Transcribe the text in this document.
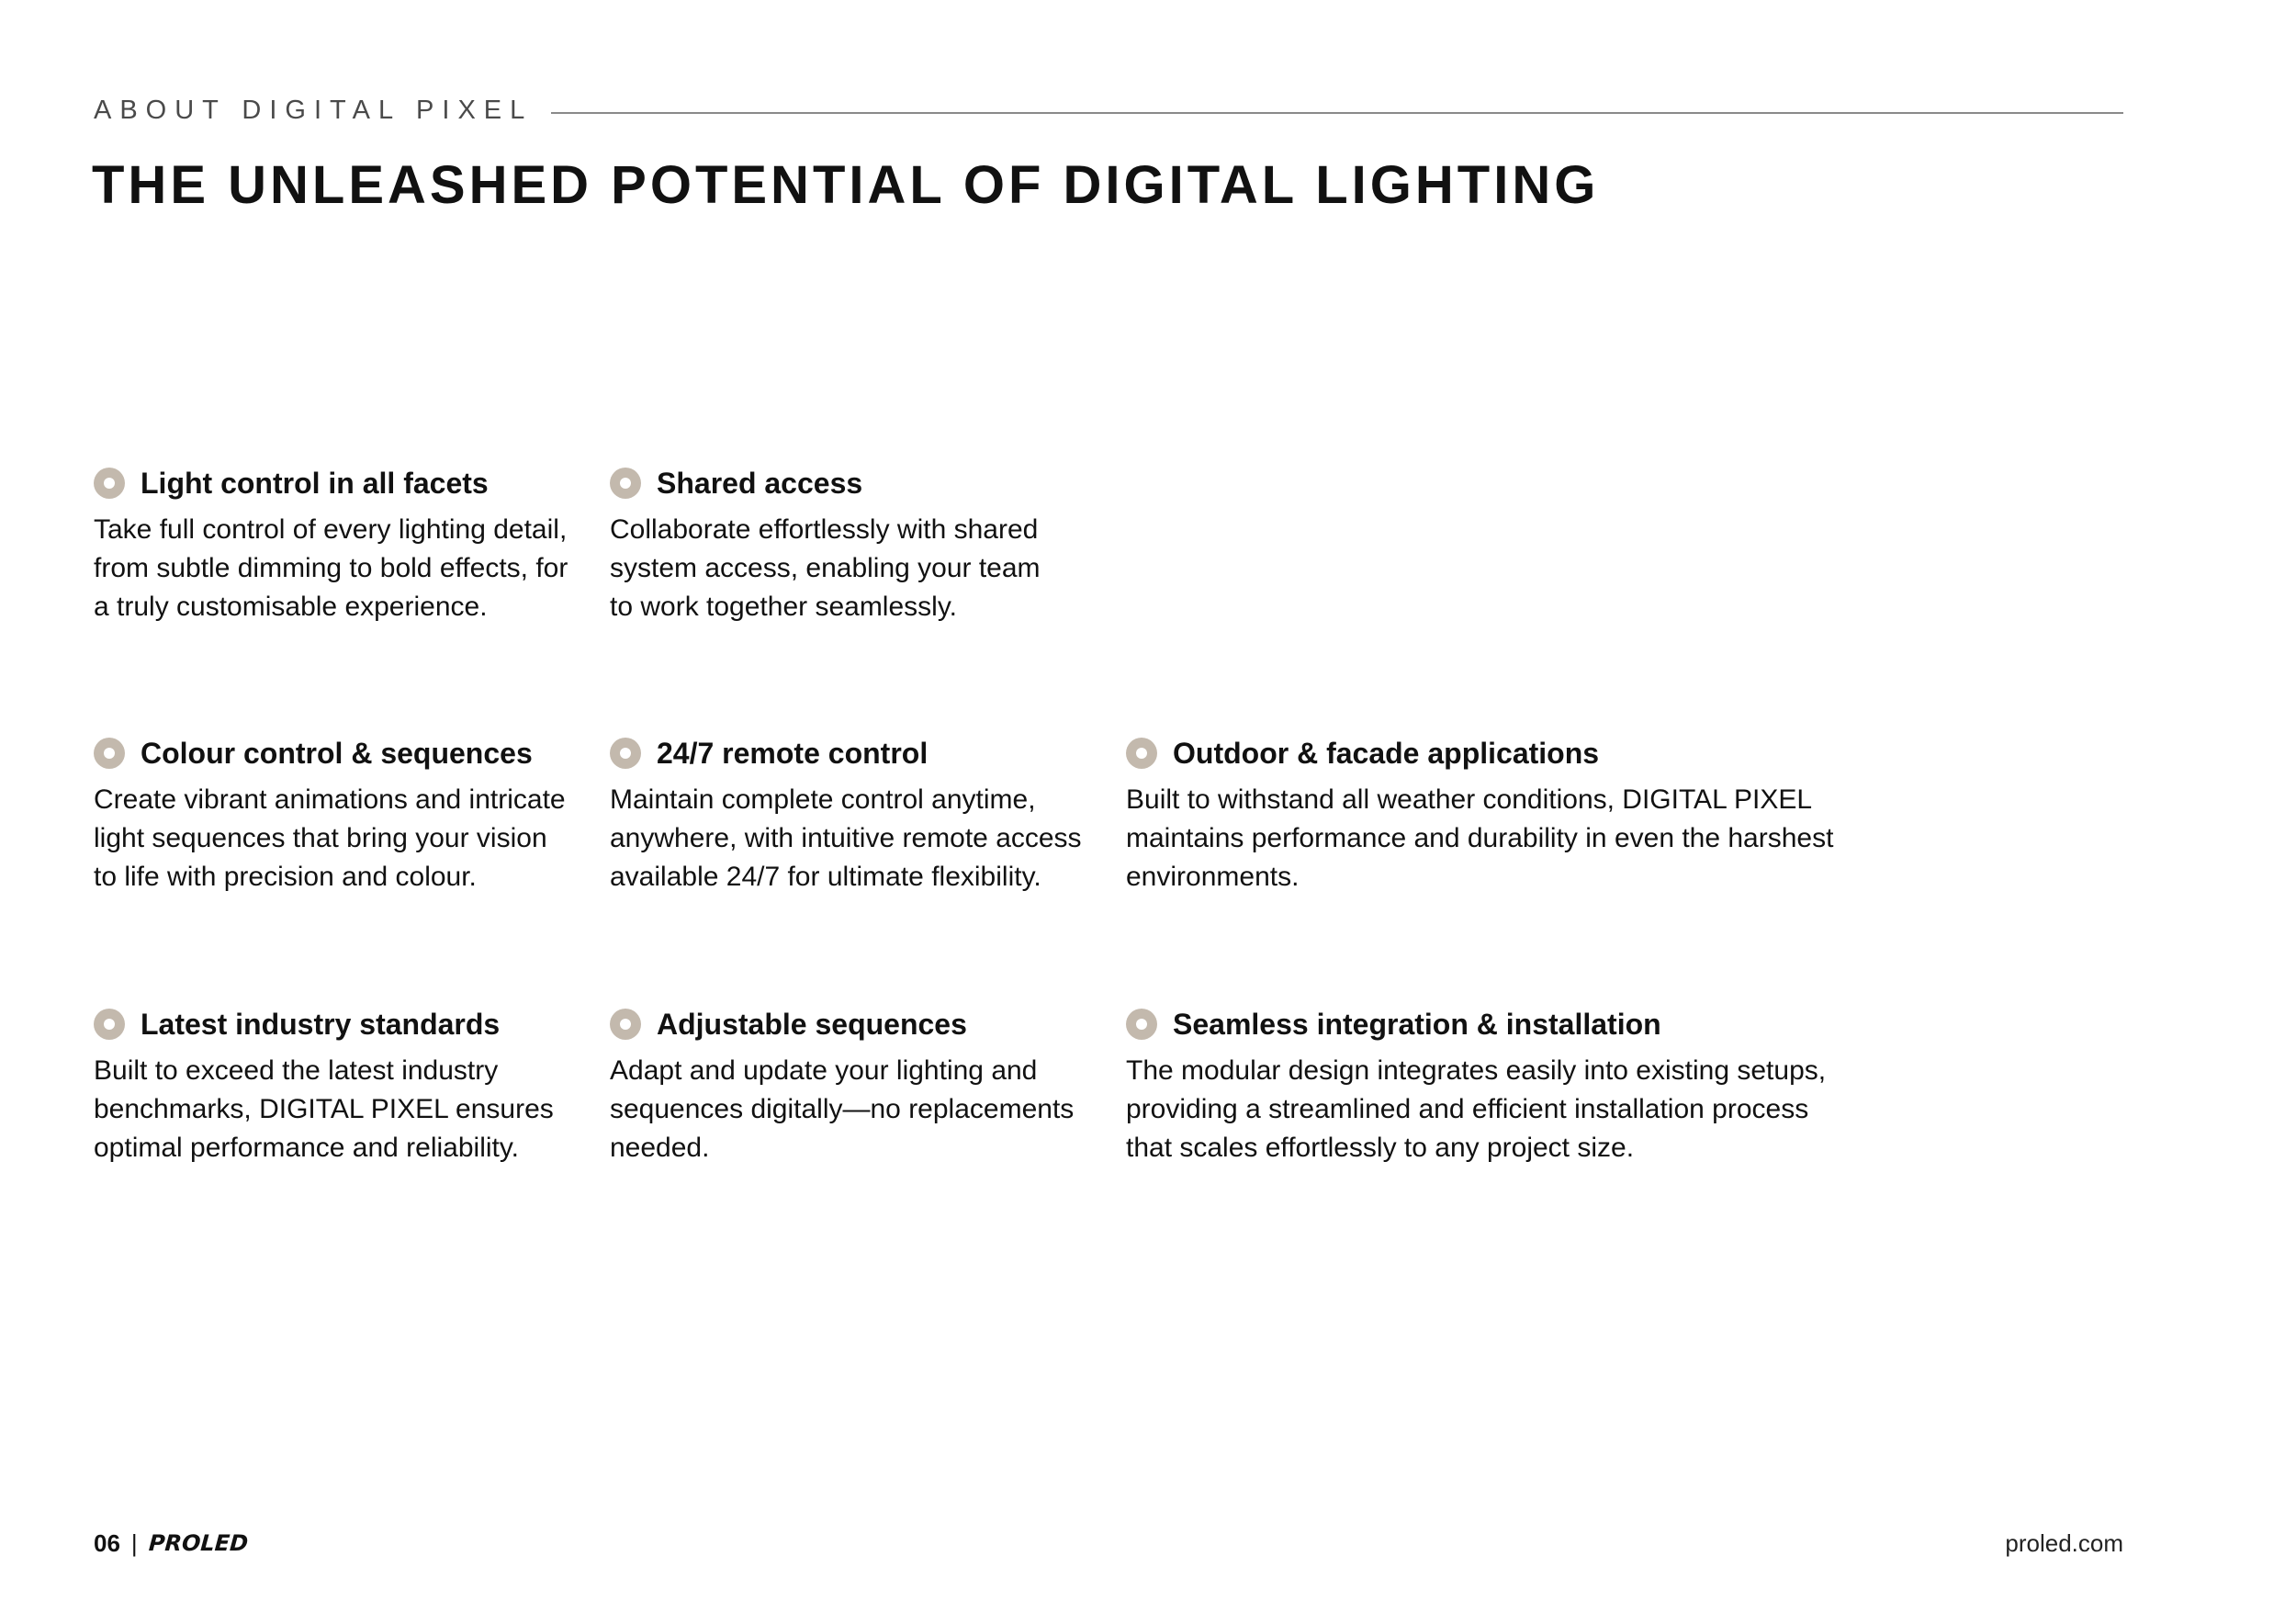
ABOUT DIGITAL PIXEL
THE UNLEASHED POTENTIAL OF DIGITAL LIGHTING
Light control in all facets

Take full control of every lighting detail,
from subtle dimming to bold effects, for
a truly customisable experience.

Shared access

Collaborate effortlessly with shared
system access, enabling your team
to work together seamlessly.

Colour control & sequences

Create vibrant animations and intricate
light sequences that bring your vision
to life with precision and colour.

24/7 remote control

Maintain complete control anytime,
anywhere, with intuitive remote access
available 24/7 for ultimate flexibility.

Outdoor & facade applications

Built to withstand all weather conditions, DIGITAL PIXEL
maintains performance and durability in even the harshest
environments.

Latest industry standards

Built to exceed the latest industry
benchmarks, DIGITAL PIXEL ensures
optimal performance and reliability.

Adjustable sequences

Adapt and update your lighting and
sequences digitally—no replacements
needed.

Seamless integration & installation

The modular design integrates easily into existing setups,
providing a streamlined and efficient installation process
that scales effortlessly to any project size.

06 | PROLED	proled.com
